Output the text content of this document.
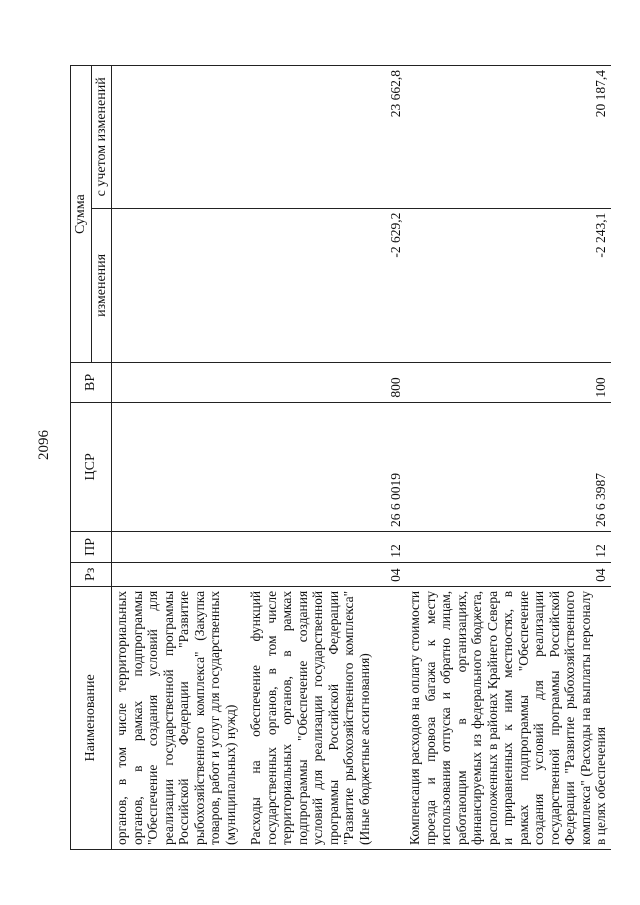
2096
Наименование	Рз	ПР	ЦСР	ВР	Сумма	
					изменения	с учетом изменений
органов, в том числе территориальных органов, в рамках подпрограммы "Обеспечение создания условий для реализации государственной программы Российской Федерации "Развитие рыбохозяйственного комплекса" (Закупка товаров, работ и услуг для государственных (муниципальных) нужд)						
Расходы на обеспечение функций государственных органов, в том числе территориальных органов, в рамках подпрограммы "Обеспечение создания условий для реализации государственной программы Российской Федерации "Развитие рыбохозяйственного комплекса" (Иные бюджетные ассигнования)	04	12	26 6 0019	800	-2 629,2	23 662,8
Компенсация расходов на оплату стоимости проезда и провоза багажа к месту использования отпуска и обратно лицам, работающим в организациях, финансируемых из федерального бюджета, расположенных в районах Крайнего Севера и приравненных к ним местностях, в рамках подпрограммы "Обеспечение создания условий для реализации государственной программы Российской Федерации "Развитие рыбохозяйственного комплекса" (Расходы на выплаты персоналу в целях обеспечения	04	12	26 6 3987	100	-2 243,1	20 187,4
